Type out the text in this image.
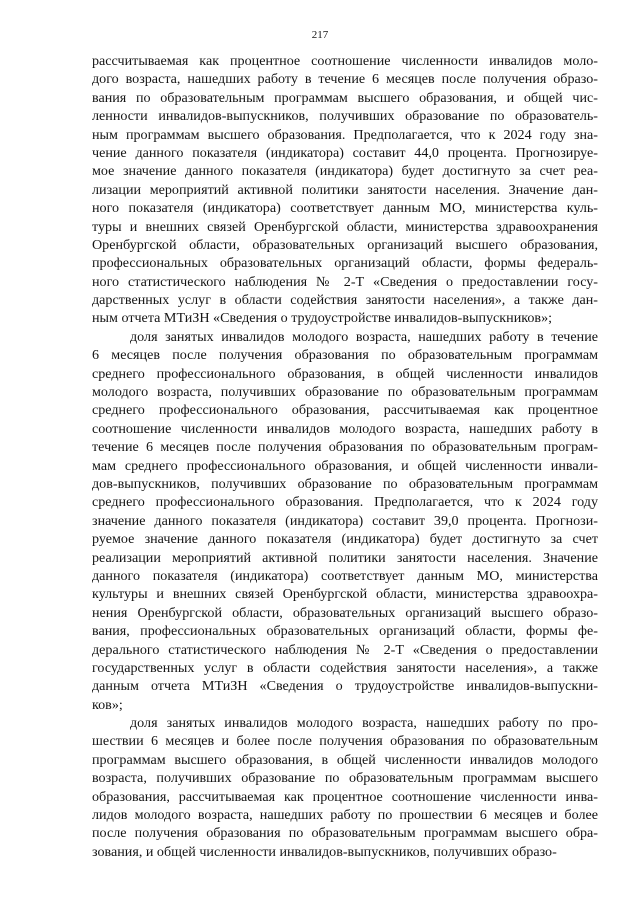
217
рассчитываемая как процентное соотношение численности инвалидов моло-
дого возраста, нашедших работу в течение 6 месяцев после получения образо-
вания по образовательным программам высшего образования, и общей чис-
ленности инвалидов-выпускников, получивших образование по образователь-
ным программам высшего образования. Предполагается, что к 2024 году зна-
чение данного показателя (индикатора) составит 44,0 процента. Прогнозируе-
мое значение данного показателя (индикатора) будет достигнуто за счет реа-
лизации мероприятий активной политики занятости населения. Значение дан-
ного показателя (индикатора) соответствует данным МО, министерства куль-
туры и внешних связей Оренбургской области, министерства здравоохранения
Оренбургской области, образовательных организаций высшего образования,
профессиональных образовательных организаций области, формы федераль-
ного статистического наблюдения № 2-Т «Сведения о предоставлении госу-
дарственных услуг в области содействия занятости населения», а также дан-
ным отчета МТиЗН «Сведения о трудоустройстве инвалидов-выпускников»;
доля занятых инвалидов молодого возраста, нашедших работу в течение
6 месяцев после получения образования по образовательным программам
среднего профессионального образования, в общей численности инвалидов
молодого возраста, получивших образование по образовательным программам
среднего профессионального образования, рассчитываемая как процентное
соотношение численности инвалидов молодого возраста, нашедших работу в
течение 6 месяцев после получения образования по образовательным програм-
мам среднего профессионального образования, и общей численности инвали-
дов-выпускников, получивших образование по образовательным программам
среднего профессионального образования. Предполагается, что к 2024 году
значение данного показателя (индикатора) составит 39,0 процента. Прогнози-
руемое значение данного показателя (индикатора) будет достигнуто за счет
реализации мероприятий активной политики занятости населения. Значение
данного показателя (индикатора) соответствует данным МО, министерства
культуры и внешних связей Оренбургской области, министерства здравоохра-
нения Оренбургской области, образовательных организаций высшего образо-
вания, профессиональных образовательных организаций области, формы фе-
дерального статистического наблюдения № 2-Т «Сведения о предоставлении
государственных услуг в области содействия занятости населения», а также
данным отчета МТиЗН «Сведения о трудоустройстве инвалидов-выпускни-
ков»;
доля занятых инвалидов молодого возраста, нашедших работу по про-
шествии 6 месяцев и более после получения образования по образовательным
программам высшего образования, в общей численности инвалидов молодого
возраста, получивших образование по образовательным программам высшего
образования, рассчитываемая как процентное соотношение численности инва-
лидов молодого возраста, нашедших работу по прошествии 6 месяцев и более
после получения образования по образовательным программам высшего обра-
зования, и общей численности инвалидов-выпускников, получивших образо-
